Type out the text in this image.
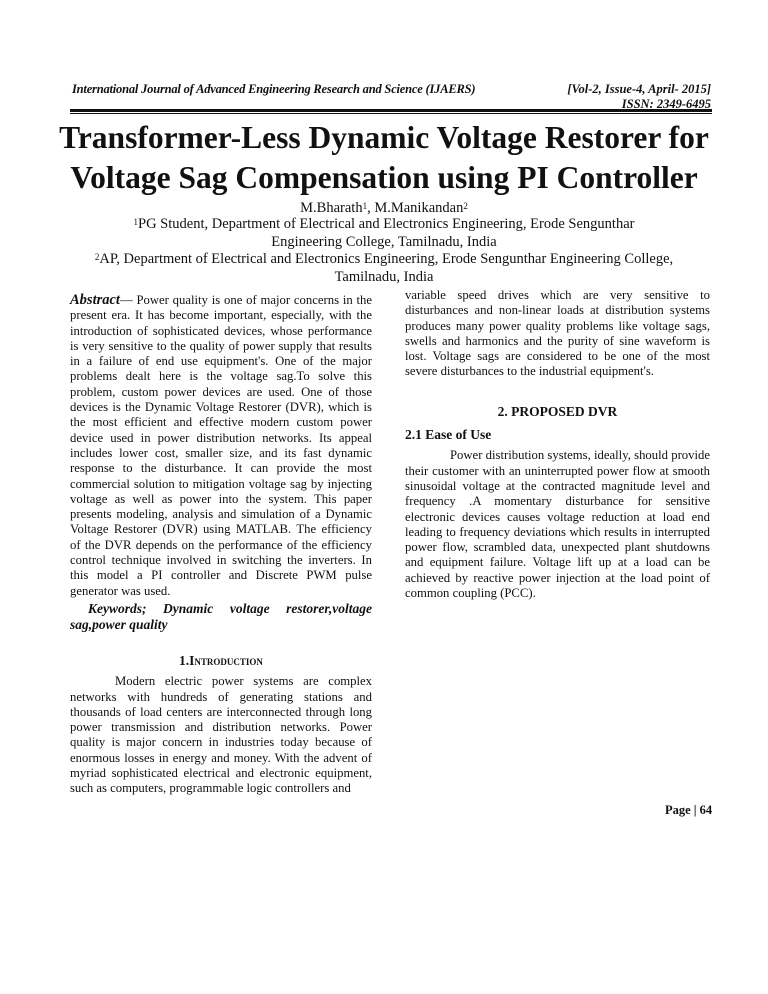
International Journal of Advanced Engineering Research and Science (IJAERS)	[Vol-2, Issue-4, April- 2015]
ISSN: 2349-6495
Transformer-Less Dynamic Voltage Restorer for
Voltage Sag Compensation using PI Controller
M.Bharath$^1$, M.Manikandan$^2$
$^1$PG Student, Department of Electrical and Electronics Engineering, Erode Sengunthar
Engineering College, Tamilnadu, India
$^2$AP, Department of Electrical and Electronics Engineering, Erode Sengunthar Engineering College,
Tamilnadu, India

Abstract— Power quality is one of major concerns in the present era. It has become important, especially, with the introduction of sophisticated devices, whose performance is very sensitive to the quality of power supply that results in a failure of end use equipment's. One of the major problems dealt here is the voltage sag.To solve this problem, custom power devices are used. One of those devices is the Dynamic Voltage Restorer (DVR), which is the most efficient and effective modern custom power device used in power distribution networks. Its appeal includes lower cost, smaller size, and its fast dynamic response to the disturbance. It can provide the most commercial solution to mitigation voltage sag by injecting voltage as well as power into the system. This paper presents modeling, analysis and simulation of a Dynamic Voltage Restorer (DVR) using MATLAB. The efficiency of the DVR depends on the performance of the efficiency control technique involved in switching the inverters. In this model a PI controller and Discrete PWM pulse generator was used.

Keywords; Dynamic voltage restorer,voltage sag,power quality

1.Introduction

Modern electric power systems are complex networks with hundreds of generating stations and thousands of load centers are interconnected through long power transmission and distribution networks. Power quality is major concern in industries today because of enormous losses in energy and money. With the advent of myriad sophisticated electrical and electronic equipment, such as computers, programmable logic controllers and

variable speed drives which are very sensitive to disturbances and non-linear loads at distribution systems produces many power quality problems like voltage sags, swells and harmonics and the purity of sine waveform is lost. Voltage sags are considered to be one of the most severe disturbances to the industrial equipment's.

2. PROPOSED DVR

2.1 Ease of Use

Power distribution systems, ideally, should provide their customer with an uninterrupted power flow at smooth sinusoidal voltage at the contracted magnitude level and frequency .A momentary disturbance for sensitive electronic devices causes voltage reduction at load end leading to frequency deviations which results in interrupted power flow, scrambled data, unexpected plant shutdowns and equipment failure. Voltage lift up at a load can be achieved by reactive power injection at the load point of common coupling (PCC).

Page | 64
